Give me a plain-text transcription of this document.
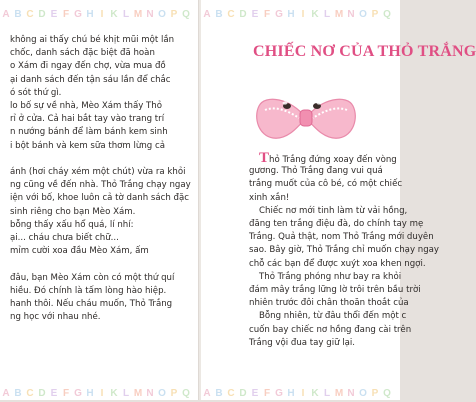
A B C D E F G H I K L M N O P Q
không ai thấy chú bé khịt mũi một lần
chốc, danh sách đặc biệt đã hoàn
o Xám đi ngay đến chợ, vừa mua đồ
ại danh sách đến tận sáu lần để chắc
ó sót thứ gì.
lo bố sự về nhà, Mèo Xám thấy Thỏ
rỉ ở cửa. Cả hai bắt tay vào trang trí
n nướng bánh để làm bánh kem sinh
i bột bánh và kem sữa thơm lừng cả
ánh (hơi cháy xém một chút) vừa ra khỏi
ng cũng về đến nhà. Thỏ Trắng chạy ngay
iện với bố, khoe luôn cả tờ danh sách đặc
sinh riêng cho bạn Mèo Xám.
bỗng thấy xấu hổ quá, lí nhí:
ại... cháu chưa biết chữ...
mỉm cười xoa đầu Mèo Xám, ấm
đâu, bạn Mèo Xám còn có một thứ quí
hiều. Đó chính là tấm lòng hào hiệp.
hanh thôi. Nếu cháu muốn, Thỏ Trắng
ng học với nhau nhé.
A B C D E F G H I K L M N O P Q
A B C D E F G H I K L M N O P Q
CHIẾC NƠ CỦA THỎ TRẮNG
Thỏ Trắng đứng xoay đến vòng
gương. Thỏ Trắng đang vui quá
trắng muốt của cô bé, có một chiếc
xinh xắn!
Chiếc nơ mới tinh làm từ vải hồng,
đăng ten trắng điệu đà, do chính tay mẹ
Trắng. Quả thật, nom Thỏ Trắng mới duyên
sao. Bây giờ, Thỏ Trắng chỉ muốn chạy ngay
chỗ các bạn để được xuýt xoa khen ngợi.
Thỏ Trắng phóng như bay ra khỏi
đám mây trắng lững lờ trôi trên bầu trời
nhiên trước đôi chân thoăn thoắt của
Bỗng nhiên, từ đâu thổi đến một c
cuốn bay chiếc nơ hồng đang cài trên
Trắng vội đua tay giữ lại.
A B C D E F G H I K L M N O P Q
